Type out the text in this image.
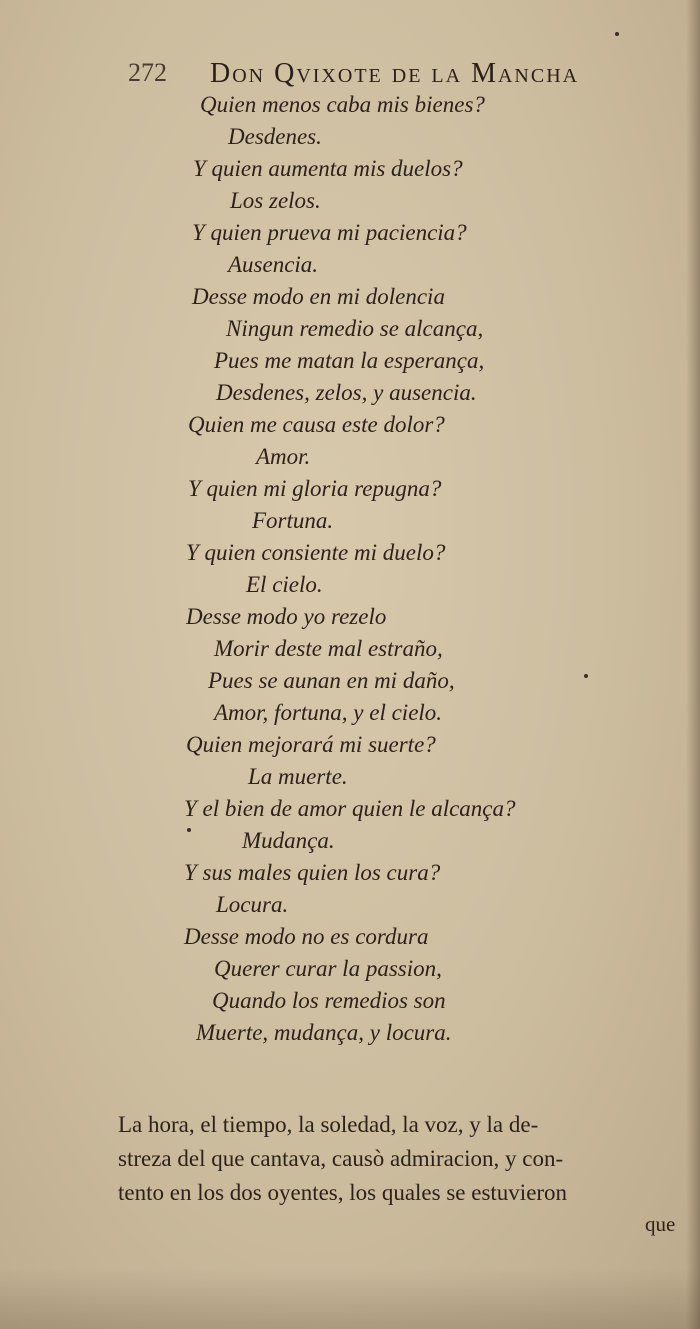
272 Don Qvixote de la Mancha
Quien menos caba mis bienes?
Desdenes.
Y quien aumenta mis duelos?
Los zelos.
Y quien prueva mi paciencia?
Ausencia.
Desse modo en mi dolencia
Ningun remedio se alcança,
Pues me matan la esperança,
Desdenes, zelos, y ausencia.
Quien me causa este dolor?
Amor.
Y quien mi gloria repugna?
Fortuna.
Y quien consiente mi duelo?
El cielo.
Desse modo yo rezelo
Morir deste mal estraño,
Pues se aunan en mi daño,
Amor, fortuna, y el cielo.
Quien mejorará mi suerte?
La muerte.
Y el bien de amor quien le alcança?
Mudança.
Y sus males quien los cura?
Locura.
Desse modo no es cordura
Querer curar la passion,
Quando los remedios son
Muerte, mudança, y locura.
La hora, el tiempo, la soledad, la voz, y la de-
streza del que cantava, causò admiracion, y con-
tento en los dos oyentes, los quales se estuvieron
que
